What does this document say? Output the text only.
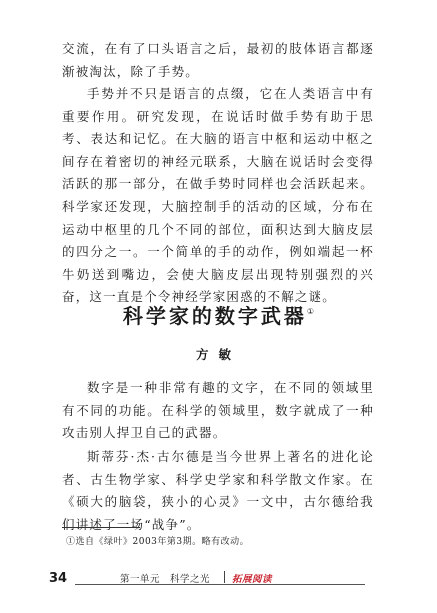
交流，在有了口头语言之后，最初的肢体语言都逐渐被淘汰，除了手势。

手势并不只是语言的点缀，它在人类语言中有重要作用。研究发现，在说话时做手势有助于思考、表达和记忆。在大脑的语言中枢和运动中枢之间存在着密切的神经元联系，大脑在说话时会变得活跃的那一部分，在做手势时同样也会活跃起来。科学家还发现，大脑控制手的活动的区域，分布在运动中枢里的几个不同的部位，面积达到大脑皮层的四分之一。一个简单的手的动作，例如端起一杯牛奶送到嘴边，会使大脑皮层出现特别强烈的兴奋，这一直是个令神经学家困惑的不解之谜。

科学家的数字武器①

方敏

数字是一种非常有趣的文字，在不同的领域里有不同的功能。在科学的领域里，数字就成了一种攻击别人捍卫自己的武器。

斯蒂芬·杰·古尔德是当今世界上著名的进化论者、古生物学家、科学史学家和科学散文作家。在《硕大的脑袋，狭小的心灵》一文中，古尔德给我们讲述了一场“战争”。

①选自《绿叶》2003年第3期。略有改动。

34	第一单元　科学之光 拓展阅读
